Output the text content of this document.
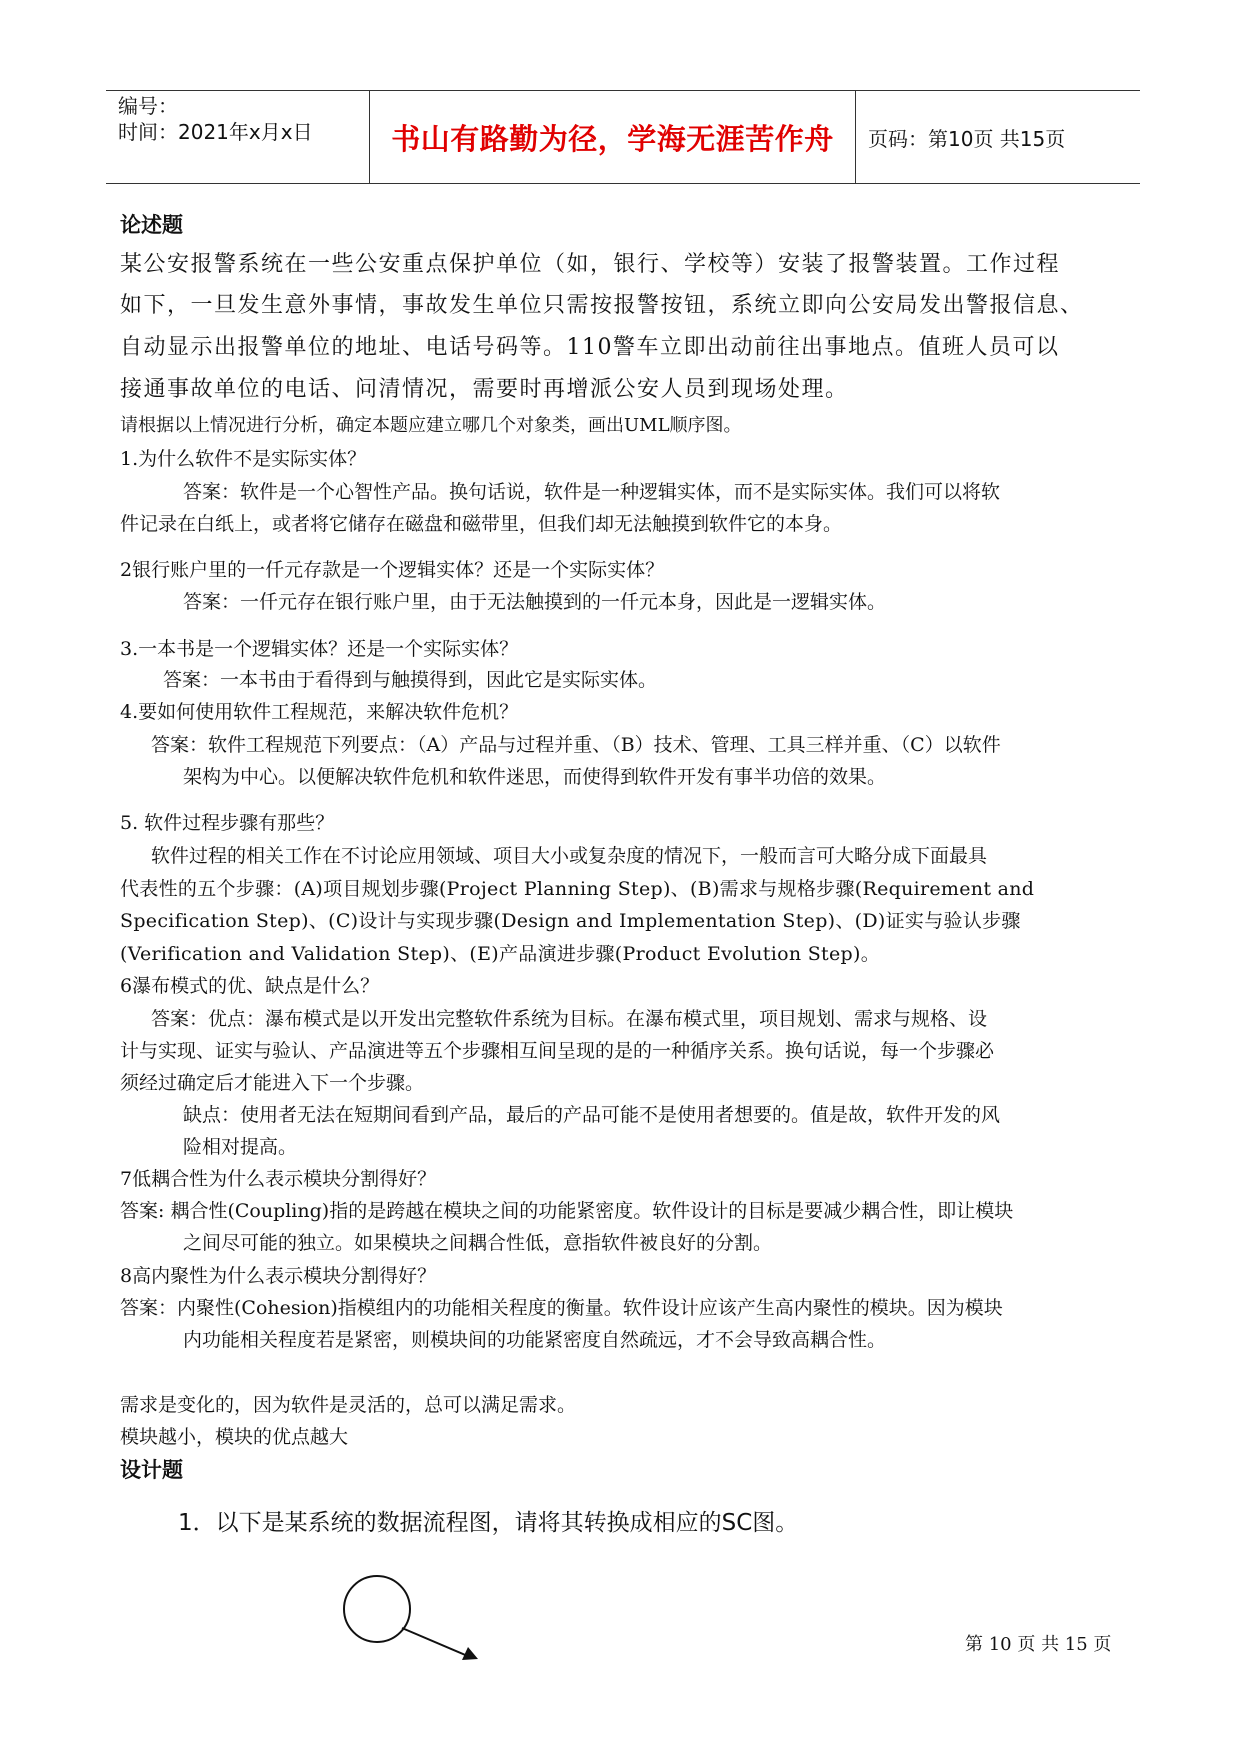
编号：
时间：2021年x月x日	书山有路勤为径，学海无涯苦作舟	页码：第10页 共15页
论述题
某公安报警系统在一些公安重点保护单位（如，银行、学校等）安装了报警装置。工作过程
如下，一旦发生意外事情，事故发生单位只需按报警按钮，系统立即向公安局发出警报信息、
自动显示出报警单位的地址、电话号码等。110警车立即出动前往出事地点。值班人员可以
接通事故单位的电话、问清情况，需要时再增派公安人员到现场处理。
请根据以上情况进行分析，确定本题应建立哪几个对象类，画出UML顺序图。
1.为什么软件不是实际实体？
答案：软件是一个心智性产品。换句话说，软件是一种逻辑实体，而不是实际实体。我们可以将软
件记录在白纸上，或者将它储存在磁盘和磁带里，但我们却无法触摸到软件它的本身。
2银行账户里的一仟元存款是一个逻辑实体？还是一个实际实体？
答案：一仟元存在银行账户里，由于无法触摸到的一仟元本身，因此是一逻辑实体。
3.一本书是一个逻辑实体？还是一个实际实体？
答案：一本书由于看得到与触摸得到，因此它是实际实体。
4.要如何使用软件工程规范，来解决软件危机？
答案：软件工程规范下列要点：（A）产品与过程并重、（B）技术、管理、工具三样并重、（C）以软件
架构为中心。以便解决软件危机和软件迷思，而使得到软件开发有事半功倍的效果。
5. 软件过程步骤有那些？
软件过程的相关工作在不讨论应用领域、项目大小或复杂度的情况下，一般而言可大略分成下面最具
代表性的五个步骤：(A)项目规划步骤(Project Planning Step)、(B)需求与规格步骤(Requirement and
Specification Step)、(C)设计与实现步骤(Design and Implementation Step)、(D)证实与验认步骤
(Verification and Validation Step)、(E)产品演进步骤(Product Evolution Step)。
6瀑布模式的优、缺点是什么？
答案：优点：瀑布模式是以开发出完整软件系统为目标。在瀑布模式里，项目规划、需求与规格、设
计与实现、证实与验认、产品演进等五个步骤相互间呈现的是的一种循序关系。换句话说，每一个步骤必
须经过确定后才能进入下一个步骤。
缺点：使用者无法在短期间看到产品，最后的产品可能不是使用者想要的。值是故，软件开发的风
险相对提高。
7低耦合性为什么表示模块分割得好？
答案: 耦合性(Coupling)指的是跨越在模块之间的功能紧密度。软件设计的目标是要减少耦合性，即让模块
之间尽可能的独立。如果模块之间耦合性低，意指软件被良好的分割。
8高内聚性为什么表示模块分割得好？
答案：内聚性(Cohesion)指模组内的功能相关程度的衡量。软件设计应该产生高内聚性的模块。因为模块
内功能相关程度若是紧密，则模块间的功能紧密度自然疏远，才不会导致高耦合性。
需求是变化的，因为软件是灵活的，总可以满足需求。
模块越小，模块的优点越大
设计题
1．以下是某系统的数据流程图，请将其转换成相应的SC图。
第 10 页 共 15 页
